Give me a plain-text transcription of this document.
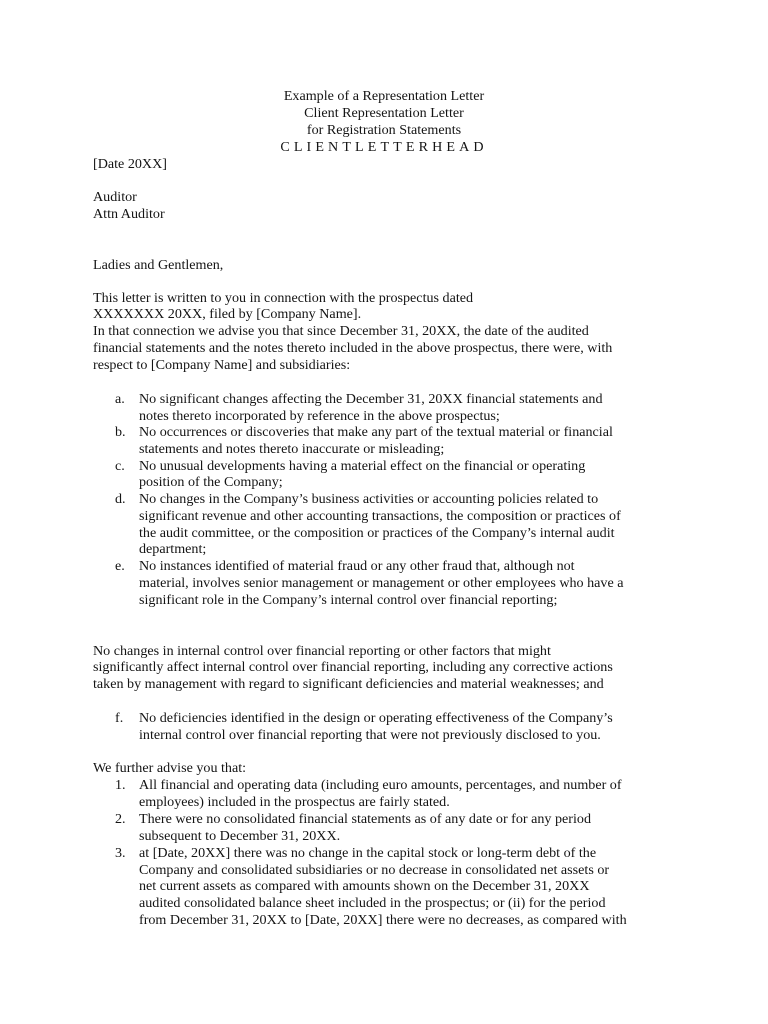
Example of a Representation Letter
Client Representation Letter
for Registration Statements
CLIENTLETTERHEAD
[Date 20XX]
Auditor
Attn Auditor
Ladies and Gentlemen,
This letter is written to you in connection with the prospectus dated
XXXXXXX 20XX, filed by [Company Name].
In that connection we advise you that since December 31, 20XX, the date of the audited
financial statements and the notes thereto included in the above prospectus, there were, with
respect to [Company Name] and subsidiaries:
a. No significant changes affecting the December 31, 20XX financial statements and
notes thereto incorporated by reference in the above prospectus;
b. No occurrences or discoveries that make any part of the textual material or financial
statements and notes thereto inaccurate or misleading;
c. No unusual developments having a material effect on the financial or operating
position of the Company;
d. No changes in the Company’s business activities or accounting policies related to
significant revenue and other accounting transactions, the composition or practices of
the audit committee, or the composition or practices of the Company’s internal audit
department;
e. No instances identified of material fraud or any other fraud that, although not
material, involves senior management or management or other employees who have a
significant role in the Company’s internal control over financial reporting;
No changes in internal control over financial reporting or other factors that might
significantly affect internal control over financial reporting, including any corrective actions
taken by management with regard to significant deficiencies and material weaknesses; and
f. No deficiencies identified in the design or operating effectiveness of the Company’s
internal control over financial reporting that were not previously disclosed to you.
We further advise you that:
1. All financial and operating data (including euro amounts, percentages, and number of
employees) included in the prospectus are fairly stated.
2. There were no consolidated financial statements as of any date or for any period
subsequent to December 31, 20XX.
3. at [Date, 20XX] there was no change in the capital stock or long-term debt of the
Company and consolidated subsidiaries or no decrease in consolidated net assets or
net current assets as compared with amounts shown on the December 31, 20XX
audited consolidated balance sheet included in the prospectus; or (ii) for the period
from December 31, 20XX to [Date, 20XX] there were no decreases, as compared with
